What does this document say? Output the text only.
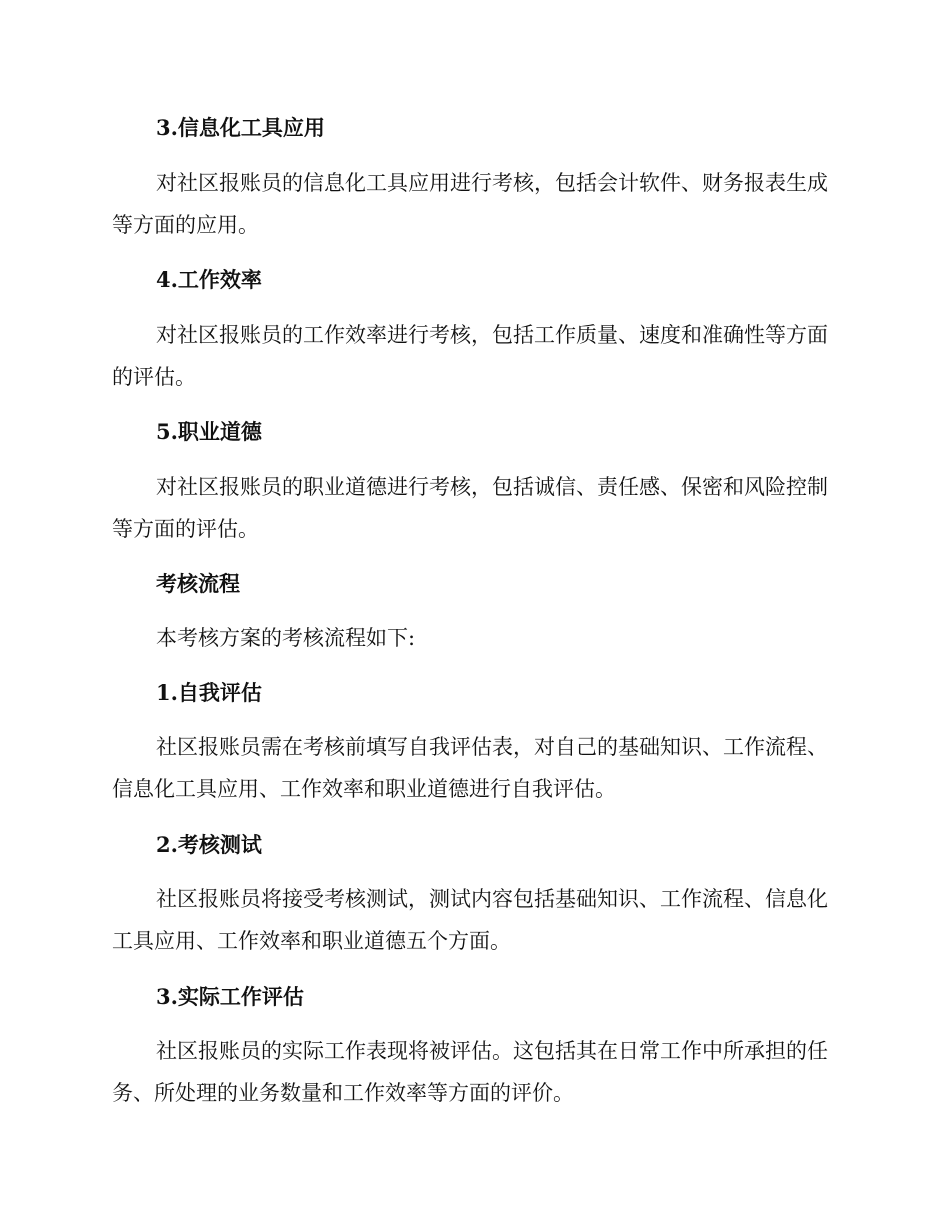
3.信息化工具应用

对社区报账员的信息化工具应用进行考核，包括会计软件、财务报表生成等方面的应用。

4.工作效率

对社区报账员的工作效率进行考核，包括工作质量、速度和准确性等方面的评估。

5.职业道德

对社区报账员的职业道德进行考核，包括诚信、责任感、保密和风险控制等方面的评估。

考核流程
本考核方案的考核流程如下:
1.自我评估

社区报账员需在考核前填写自我评估表，对自己的基础知识、工作流程、信息化工具应用、工作效率和职业道德进行自我评估。

2.考核测试

社区报账员将接受考核测试，测试内容包括基础知识、工作流程、信息化工具应用、工作效率和职业道德五个方面。

3.实际工作评估

社区报账员的实际工作表现将被评估。这包括其在日常工作中所承担的任务、所处理的业务数量和工作效率等方面的评价。
